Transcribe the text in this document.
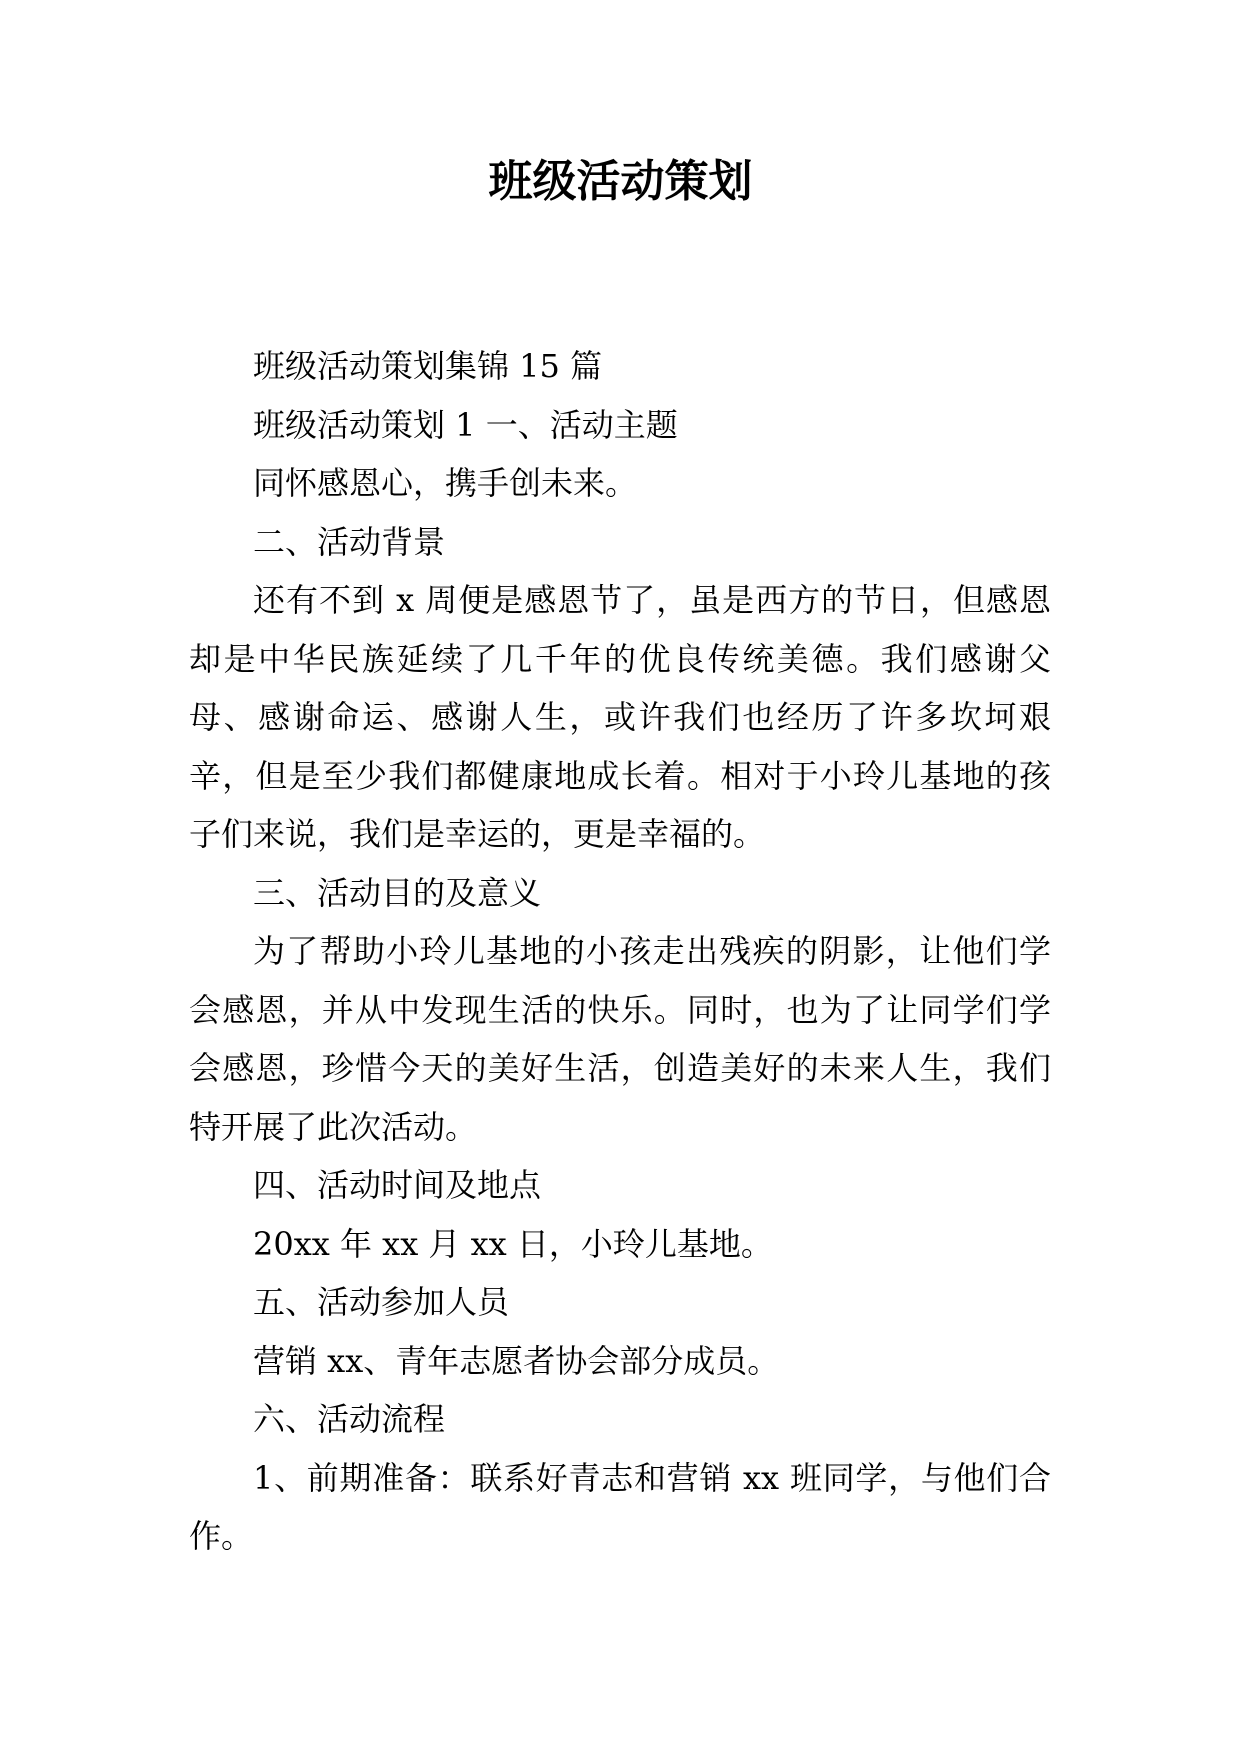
班级活动策划

班级活动策划集锦 15 篇

班级活动策划 1 一、活动主题

同怀感恩心，携手创未来。

二、活动背景

还有不到 x 周便是感恩节了，虽是西方的节日，但感恩却是中华民族延续了几千年的优良传统美德。我们感谢父母、感谢命运、感谢人生，或许我们也经历了许多坎坷艰辛，但是至少我们都健康地成长着。相对于小玲儿基地的孩子们来说，我们是幸运的，更是幸福的。

三、活动目的及意义

为了帮助小玲儿基地的小孩走出残疾的阴影，让他们学会感恩，并从中发现生活的快乐。同时，也为了让同学们学会感恩，珍惜今天的美好生活，创造美好的未来人生，我们特开展了此次活动。

四、活动时间及地点

20xx 年 xx 月 xx 日，小玲儿基地。

五、活动参加人员

营销 xx、青年志愿者协会部分成员。

六、活动流程

1、前期准备：联系好青志和营销 xx 班同学，与他们合作。
